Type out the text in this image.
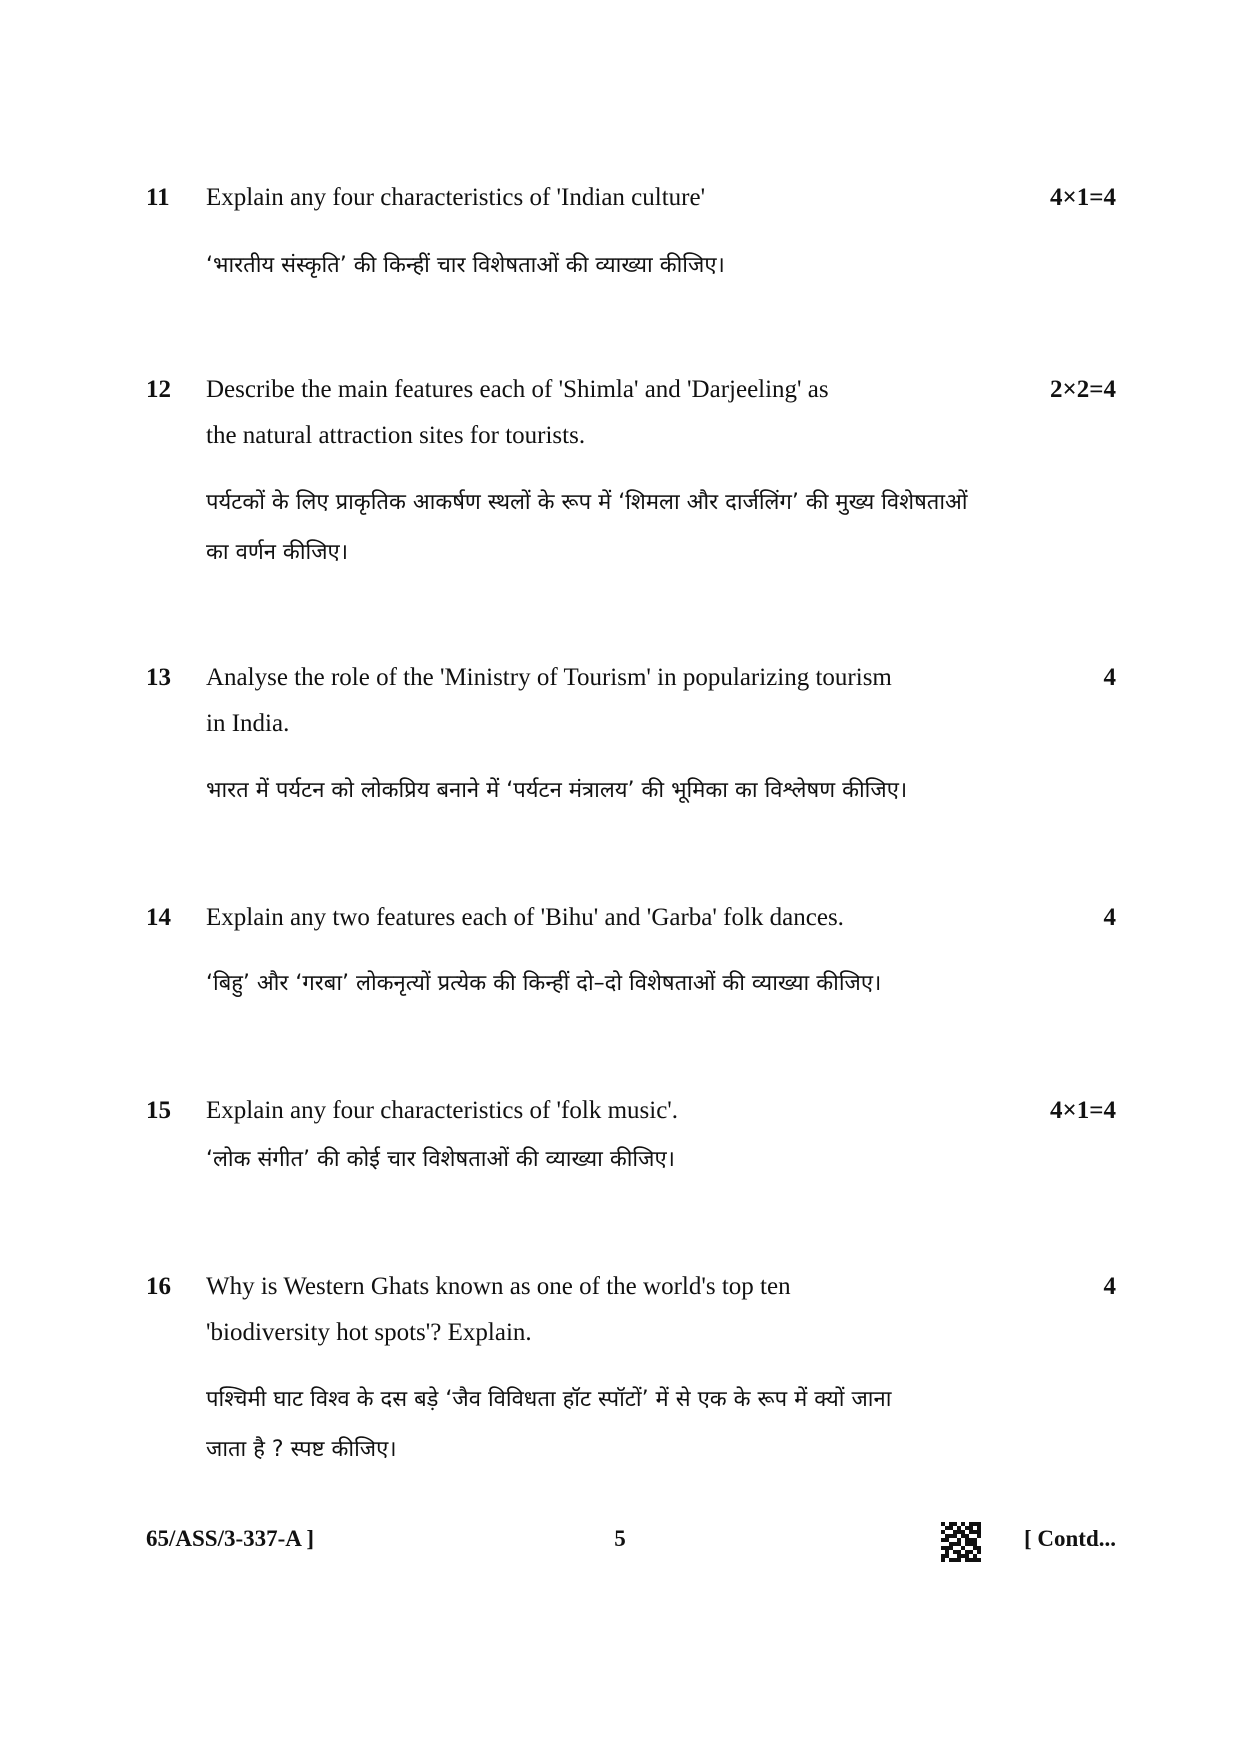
11	Explain any four characteristics of 'Indian culture'	4×1=4
‘भारतीय संस्कृति’ की किन्हीं चार विशेषताओं की व्याख्या कीजिए।
12	Describe the main features each of 'Shimla' and 'Darjeeling' as
the natural attraction sites for tourists.
2×2=4
पर्यटकों के लिए प्राकृतिक आकर्षण स्थलों के रूप में ‘शिमला और दार्जलिंग’ की मुख्य विशेषताओं
का वर्णन कीजिए।
13	Analyse the role of the 'Ministry of Tourism' in popularizing tourism
in India.
4
भारत में पर्यटन को लोकप्रिय बनाने में ‘पर्यटन मंत्रालय’ की भूमिका का विश्लेषण कीजिए।
14	Explain any two features each of 'Bihu' and 'Garba' folk dances.	4
‘बिहु’ और ‘गरबा’ लोकनृत्यों प्रत्येक की किन्हीं दो–दो विशेषताओं की व्याख्या कीजिए।
15	Explain any four characteristics of 'folk music'.	4×1=4
‘लोक संगीत’ की कोई चार विशेषताओं की व्याख्या कीजिए।
16	Why is Western Ghats known as one of the world's top ten
'biodiversity hot spots'? Explain.
4
पश्चिमी घाट विश्व के दस बड़े ‘जैव विविधता हॉट स्पॉटों’ में से एक के रूप में क्यों जाना
जाता है ? स्पष्ट कीजिए।
65/ASS/3-337-A ]	5	[ Contd...
